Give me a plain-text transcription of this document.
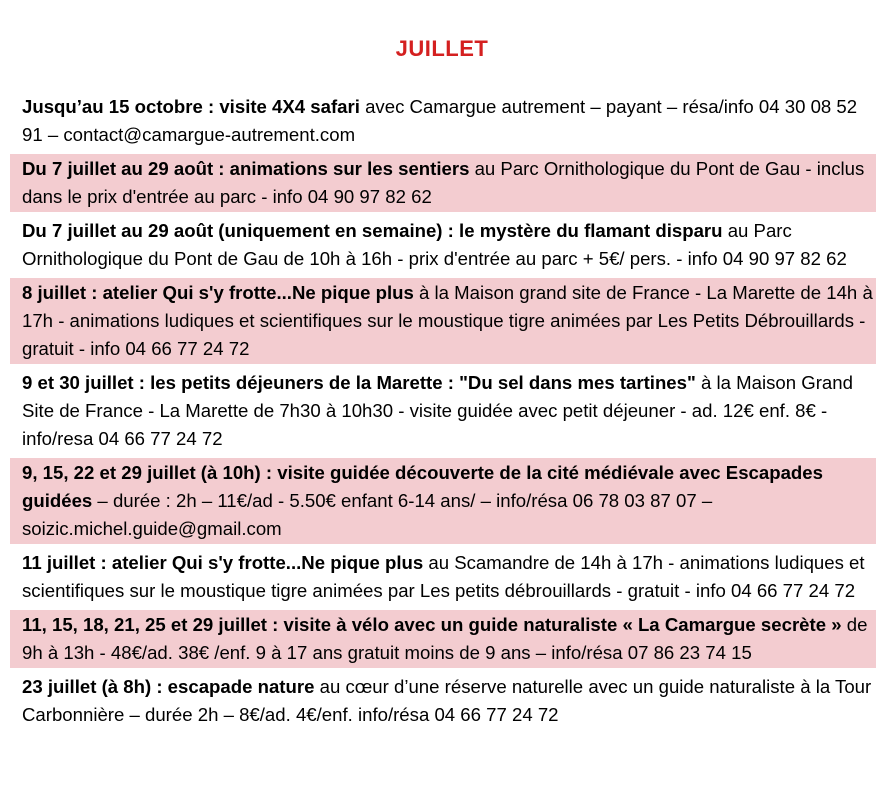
JUILLET
Jusqu’au 15 octobre : visite 4X4 safari avec Camargue autrement – payant – résa/info 04 30 08 52 91 – contact@camargue-autrement.com
Du 7 juillet au 29 août : animations sur les sentiers au Parc Ornithologique du Pont de Gau - inclus dans le prix d'entrée au parc - info 04 90 97 82 62
Du 7 juillet au 29 août (uniquement en semaine) : le mystère du flamant disparu au Parc Ornithologique du Pont de Gau de 10h à 16h - prix d'entrée au parc + 5€/ pers. - info 04 90 97 82 62
8 juillet : atelier Qui s'y frotte...Ne pique plus à la Maison grand site de France - La Marette de 14h à 17h - animations ludiques et scientifiques sur le moustique tigre animées par Les Petits Débrouillards - gratuit - info 04 66 77 24 72
9 et 30 juillet : les petits déjeuners de la Marette : "Du sel dans mes tartines" à la Maison Grand Site de France - La Marette de 7h30 à 10h30 - visite guidée avec petit déjeuner - ad. 12€ enf. 8€ - info/resa 04 66 77 24 72
9, 15, 22 et 29 juillet (à 10h) : visite guidée découverte de la cité médiévale avec Escapades guidées – durée : 2h – 11€/ad - 5.50€ enfant 6-14 ans/ – info/résa 06 78 03 87 07 – soizic.michel.guide@gmail.com
11 juillet : atelier Qui s'y frotte...Ne pique plus au Scamandre de 14h à 17h - animations ludiques et scientifiques sur le moustique tigre animées par Les petits débrouillards - gratuit - info 04 66 77 24 72
11, 15, 18, 21, 25 et 29 juillet : visite à vélo avec un guide naturaliste « La Camargue secrète » de 9h à 13h - 48€/ad. 38€ /enf. 9 à 17 ans gratuit moins de 9 ans – info/résa 07 86 23 74 15
23 juillet (à 8h) : escapade nature au cœur d’une réserve naturelle avec un guide naturaliste à la Tour Carbonnière – durée 2h – 8€/ad. 4€/enf. info/résa 04 66 77 24 72
